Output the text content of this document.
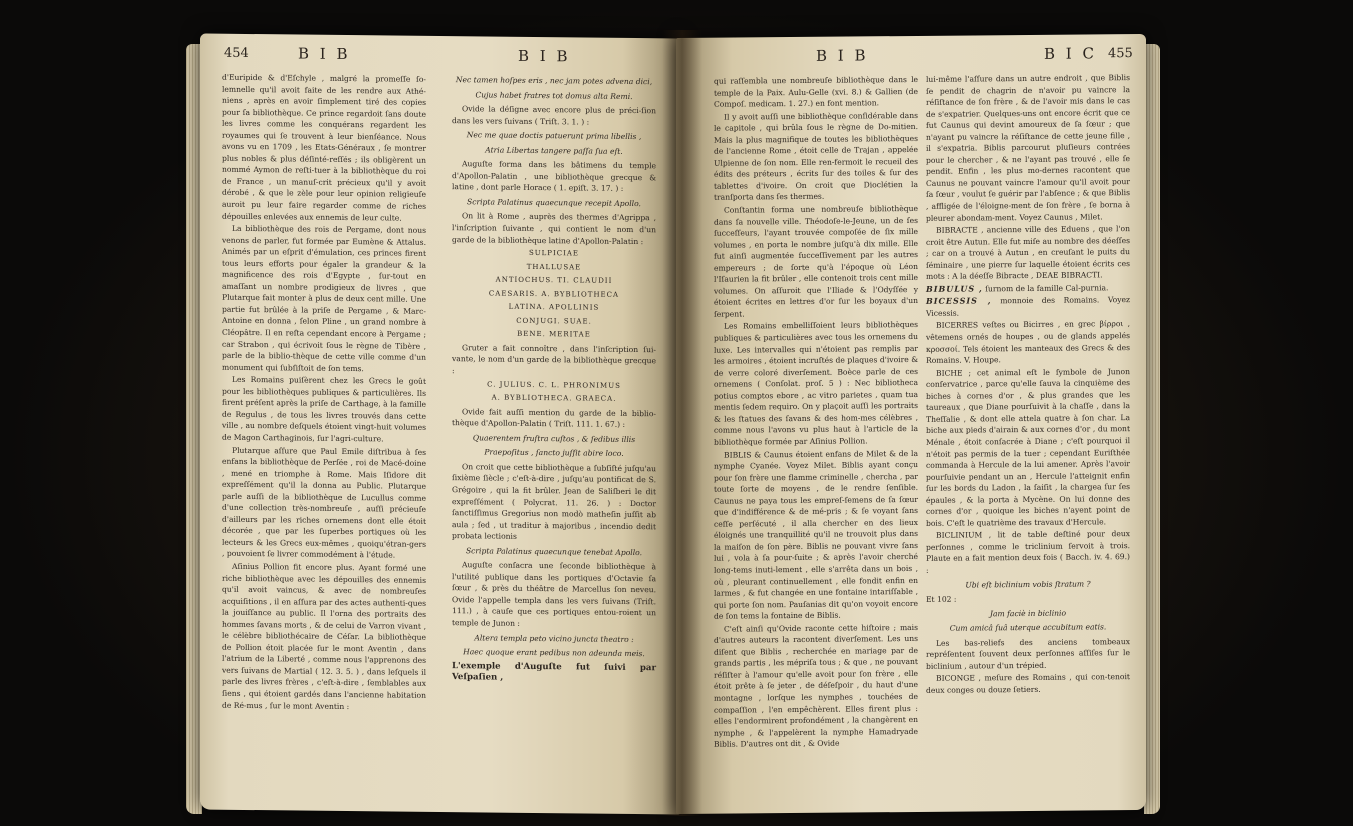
454	B I B	B I B

d'Euripide & d'Eſchyle , malgré la promeſſe ſo-lemnelle qu'il avoit faite de les rendre aux Athé-niens , après en avoir ſimplement tiré des copies pour ſa bibliothèque. Ce prince regardoit ſans doute les livres comme les conquérans regardent les royaumes qui ſe trouvent à leur bienſéance. Nous avons vu en 1709 , les Etats-Généraux , ſe montrer plus nobles & plus déſinté-reſſés ; ils obligèrent un nommé Aymon de reſti-tuer à la bibliothèque du roi de France , un manuſ-crit précieux qu'il y avoit dérobé , & que le zèle pour leur opinion religieuſe auroit pu leur faire regarder comme de riches dépouilles enlevées aux ennemis de leur culte.

La bibliothèque des rois de Pergame, dont nous venons de parler, fut formée par Eumène & Attalus. Animés par un eſprit d'émulation, ces princes firent tous leurs efforts pour égaler la grandeur & la magnificence des rois d'Egypte , ſur-tout en amaſſant un nombre prodigieux de livres , que Plutarque fait monter à plus de deux cent mille. Une partie fut brûlée à la priſe de Pergame , & Marc-Antoine en donna , ſelon Pline , un grand nombre à Cléopâtre. Il en reſta cependant encore à Pergame ; car Strabon , qui écrivoit ſous le règne de Tibère , parle de la biblio-thèque de cette ville comme d'un monument qui ſubſiſtoit de ſon tems.

Les Romains puiſèrent chez les Grecs le goût pour les bibliothèques publiques & particulières. Ils firent préſent après la priſe de Carthage, à la famille de Regulus , de tous les livres trouvés dans cette ville , au nombre deſquels étoient vingt-huit volumes de Magon Carthaginois, ſur l'agri-culture.

Plutarque aſſure que Paul Emile diſtribua à ſes enfans la bibliothèque de Perſée , roi de Macé-doine , mené en triomphe à Rome. Mais Iſidore dit expreſſément qu'il la donna au Public. Plutarque parle auſſi de la bibliothèque de Lucullus comme d'une collection très-nombreuſe , auſſi précieuſe d'ailleurs par les riches ornemens dont elle étoit décorée , que par les ſuperbes portiques où les lecteurs & les Grecs eux-mêmes , quoiqu'étran-gers , pouvoient ſe livrer commodément à l'étude.

Aſinius Pollion fit encore plus. Ayant formé une riche bibliothèque avec les dépouilles des ennemis qu'il avoit vaincus, & avec de nombreuſes acquiſitions , il en aſſura par des actes authenti-ques la jouiſſance au public. Il l'orna des portraits des hommes ſavans morts , & de celui de Varron vivant , le célèbre bibliothécaire de Céſar. La bibliothèque de Pollion étoit placée ſur le mont Aventin , dans l'atrium de la Liberté , comme nous l'apprenons des vers ſuivans de Martial ( 12. 3. 5. ) , dans leſquels il parle des livres frères , c'eſt-à-dire , ſemblables aux ſiens , qui étoient gardés dans l'ancienne habitation de Ré-mus , ſur le mont Aventin :

Nec tamen hoſpes eris , nec jam potes advena dici,

Cujus habet fratres tot domus alta Remi.

Ovide la déſigne avec encore plus de préci-ſion dans les vers ſuivans ( Triſt. 3. 1. ) :

Nec me quae doctis patuerunt prima libellis ,

Atria Libertas tangere paſſa ſua eſt.

Auguſte forma dans les bâtimens du temple d'Apollon-Palatin , une bibliothèque grecque & latine , dont parle Horace ( 1. epiſt. 3. 17. ) :

Scripta Palatinus quaecunque recepit Apollo.

On lit à Rome , auprès des thermes d'Agrippa , l'inſcription ſuivante , qui contient le nom d'un garde de la bibliothèque latine d'Apollon-Palatin :

SULPICIAE

THALLUSAE

ANTIOCHUS. TI. CLAUDII

CAESARIS. A. BYBLIOTHECA

LATINA. APOLLINIS

CONJUGI. SUAE.

BENE. MERITAE

Gruter a fait connoître , dans l'inſcription ſui-vante, le nom d'un garde de la bibliothèque grecque :

C. JULIUS. C. L. PHRONIMUS

A. BYBLIOTHECA. GRAECA.

Ovide fait auſſi mention du garde de la biblio-thèque d'Apollon-Palatin ( Triſt. 111. 1. 67.) :

Quaerentem fruſtra cuſtos , & ſedibus illis

Praepoſitus , ſancto juſſit abire loco.

On croit que cette bibliothèque a ſubſiſté juſqu'au ſixième ſiècle ; c'eſt-à-dire , juſqu'au pontificat de S. Grégoire , qui la fit brûler. Jean de Saliſberi le dit expreſſément ( Polycrat. 11. 26. ) : Doctor ſanctiſſimus Gregorius non modò matheſin juſſit ab aula ; ſed , ut traditur à majoribus , incendio dedit probata lectionis

Scripta Palatinus quaecunque tenebat Apollo.

Auguſte conſacra une ſeconde bibliothèque à l'utilité publique dans les portiques d'Octavie ſa ſœur , & près du théâtre de Marcellus ſon neveu. Ovide l'appelle templa dans les vers ſuivans (Triſt. 111.) , à cauſe que ces portiques entou-roient un temple de Junon :

Altera templa peto vicino juncta theatro :

Haec quoque erant pedibus non adeunda meis.

L'exemple d'Auguſte fut ſuivi par Veſpaſien ,

B I B	B I C 455

qui raſſembla une nombreuſe bibliothèque dans le temple de la Paix. Aulu-Gelle (xvi. 8.) & Gallien (de Compoſ. medicam. 1. 27.) en font mention.

Il y avoit auſſi une bibliothèque conſidérable dans le capitole , qui brûla ſous le règne de Do-mitien. Mais la plus magnifique de toutes les bibliothèques de l'ancienne Rome , étoit celle de Trajan , appelée Ulpienne de ſon nom. Elle ren-fermoit le recueil des édits des préteurs , écrits ſur des toiles & ſur des tablettes d'ivoire. On croit que Dioclétien la tranſporta dans ſes thermes.

Conſtantin forma une nombreuſe bibliothèque dans ſa nouvelle ville. Théodoſe-le-Jeune, un de ſes ſucceſſeurs, l'ayant trouvée compoſée de ſix mille volumes , en porta le nombre juſqu'à dix mille. Elle fut ainſi augmentée ſucceſſivement par les autres empereurs ; de ſorte qu'à l'époque où Léon l'Iſaurien la fit brûler , elle contenoit trois cent mille volumes. On aſſuroit que l'Iliade & l'Odyſſée y étoient écrites en lettres d'or ſur les boyaux d'un ſerpent.

Les Romains embelliſſoient leurs bibliothèques publiques & particulières avec tous les ornemens du luxe. Les intervalles qui n'étoient pas remplis par les armoires , étoient incruſtés de plaques d'ivoire & de verre coloré diverſement. Boèce parle de ces ornemens ( Conſolat. proſ. 5 ) : Nec bibliotheca potius comptos ebore , ac vitro parietes , quam tua mentis ſedem requiro. On y plaçoit auſſi les portraits & les ſtatues des ſavans & des hom-mes célèbres , comme nous l'avons vu plus haut à l'article de la bibliothèque formée par Aſinius Pollion.

BIBLIS & Caunus étoient enfans de Milet & de la nymphe Cyanée. Voyez Milet. Biblis ayant conçu pour ſon frère une flamme criminelle , chercha , par toute ſorte de moyens , de le rendre ſenſible. Caunus ne paya tous les empreſ-ſemens de ſa ſœur que d'indifférence & de mé-pris ; & ſe voyant ſans ceſſe perſécuté , il alla chercher en des lieux éloignés une tranquillité qu'il ne trouvoit plus dans la maiſon de ſon père. Biblis ne pouvant vivre ſans lui , vola à ſa pour-ſuite ; & après l'avoir cherché long-tems inuti-lement , elle s'arrêta dans un bois , où , pleurant continuellement , elle fondit enfin en larmes , & fut changée en une fontaine intariſſable , qui porte ſon nom. Pauſanias dit qu'on voyoit encore de ſon tems la fontaine de Biblis.

C'eſt ainſi qu'Ovide raconte cette hiſtoire ; mais d'autres auteurs la racontent diverſement. Les uns diſent que Biblis , recherchée en mariage par de grands partis , les mépriſa tous ; & que , ne pouvant réſiſter à l'amour qu'elle avoit pour ſon frère , elle étoit prête à ſe jeter , de déſeſpoir , du haut d'une montagne , lorſque les nymphes , touchées de compaſſion , l'en empêchèrent. Elles firent plus : elles l'endormirent profondément , la changèrent en nymphe , & l'appelèrent la nymphe Hamadryade Biblis. D'autres ont dit , & Ovide

lui-même l'aſſure dans un autre endroit , que Biblis ſe pendit de chagrin de n'avoir pu vaincre la réſiſtance de ſon frère , & de l'avoir mis dans le cas de s'expatrier. Quelques-uns ont encore écrit que ce fut Caunus qui devint amoureux de ſa ſœur ; que n'ayant pu vaincre la réſiſtance de cette jeune fille , il s'expatria. Biblis parcourut pluſieurs contrées pour le chercher , & ne l'ayant pas trouvé , elle ſe pendit. Enfin , les plus mo-dernes racontent que Caunus ne pouvant vaincre l'amour qu'il avoit pour ſa ſœur , voulut ſe guérir par l'abſence ; & que Biblis , affligée de l'éloigne-ment de ſon frère , ſe borna à pleurer abondam-ment. Voyez Caunus , Milet.

BIBRACTE , ancienne ville des Eduens , que l'on croit être Autun. Elle fut miſe au nombre des déeſſes ; car on a trouvé à Autun , en creuſant le puits du ſéminaire , une pierre ſur laquelle étoient écrits ces mots : A la déeſſe Bibracte , DEAE BIBRACTI.

BIBULUS , ſurnom de la famille Cal-purnia.

BICESSIS , monnoie des Romains. Voyez Vicessis.

BICERRES veſtes ou Bicirres , en grec βίρροι , vêtemens ornés de houpes , ou de glands appelés κροσσοί. Tels étoient les manteaux des Grecs & des Romains. V. Houpe.

BICHE ; cet animal eſt le ſymbole de Junon conſervatrice , parce qu'elle ſauva la cinquième des biches à cornes d'or , & plus grandes que les taureaux , que Diane pourſuivit à la chaſſe , dans la Theſſalie , & dont elle attela quatre à ſon char. La biche aux pieds d'airain & aux cornes d'or , du mont Ménale , étoit conſacrée à Diane ; c'eſt pourquoi il n'étoit pas permis de la tuer ; cependant Euriſthée commanda à Hercule de la lui amener. Après l'avoir pourſuivie pendant un an , Hercule l'atteignit enfin ſur les bords du Ladon , la ſaiſit , la chargea ſur ſes épaules , & la porta à Mycène. On lui donne des cornes d'or , quoique les biches n'ayent point de bois. C'eſt le quatrième des travaux d'Hercule.

BICLINIUM , lit de table deſtiné pour deux perſonnes , comme le triclinium ſervoit à trois. Plaute en a fait mention deux fois ( Bacch. iv. 4. 69.) :

Ubi eſt biclinium vobis ſtratum ?

Et 102 :

Jam faciè in biclinio

Cum amicâ ſuâ uterque accubitum eatis.

Les bas-reliefs des anciens tombeaux repréſentent ſouvent deux perſonnes aſſiſes ſur le biclinium , autour d'un trépied.

BICONGE , meſure des Romains , qui con-tenoit deux conges ou douze ſetiers.
